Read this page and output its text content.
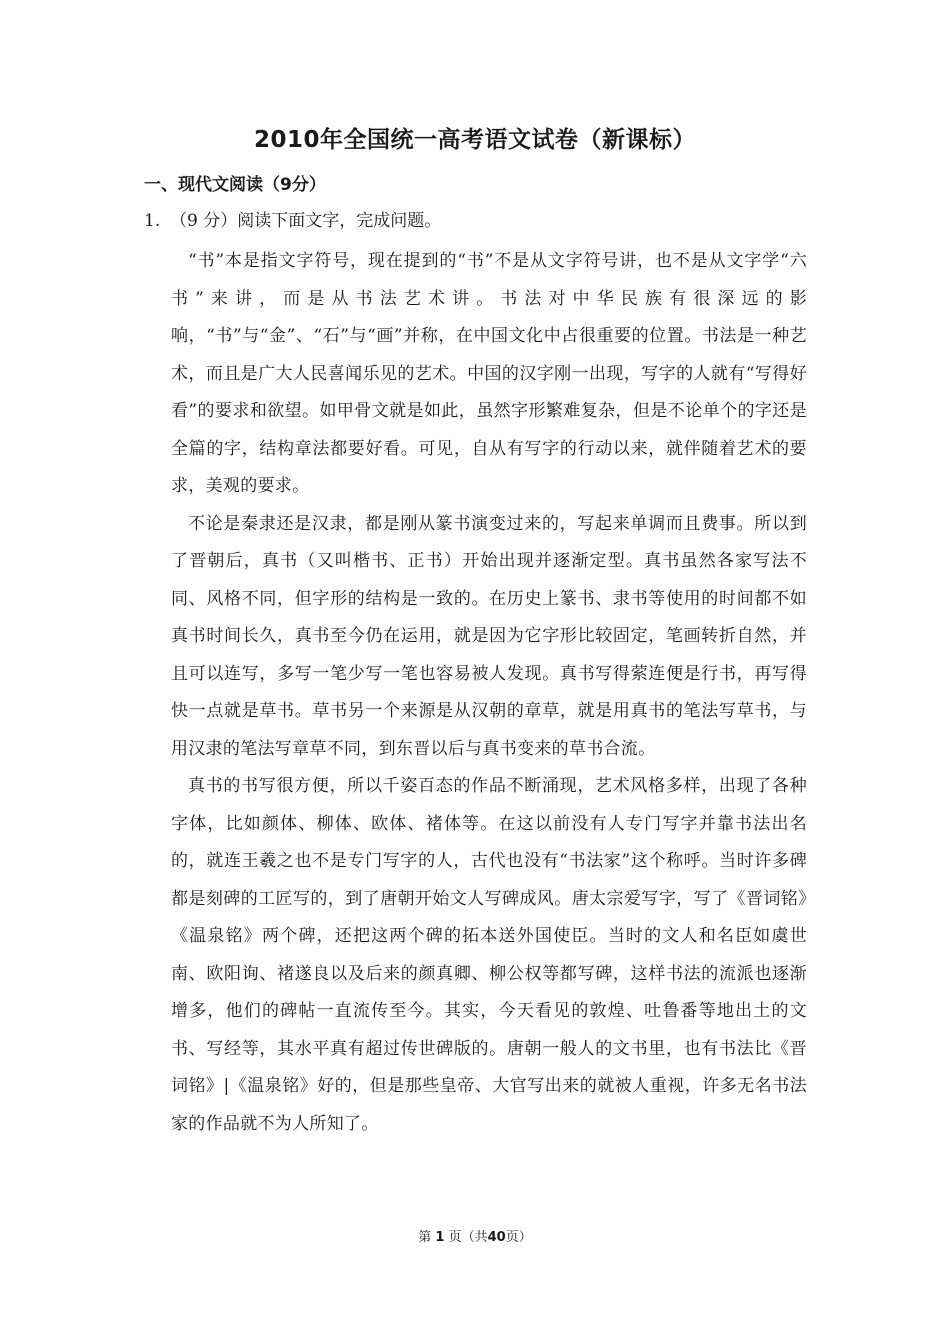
2010年全国统一高考语文试卷（新课标）
一、现代文阅读（9分）
1. （9 分）阅读下面文字，完成问题。

“书”本是指文字符号，现在提到的“书”不是从文字符号讲，也不是从文字学“六书”来讲，而是从书法艺术讲。书法对中华民族有很深远的影响，“书”与“金”、“石”与“画”并称，在中国文化中占很重要的位置。书法是一种艺术，而且是广大人民喜闻乐见的艺术。中国的汉字刚一出现，写字的人就有“写得好看”的要求和欲望。如甲骨文就是如此，虽然字形繁难复杂，但是不论单个的字还是全篇的字，结构章法都要好看。可见，自从有写字的行动以来，就伴随着艺术的要求，美观的要求。

不论是秦隶还是汉隶，都是刚从篆书演变过来的，写起来单调而且费事。所以到了晋朝后，真书（又叫楷书、正书）开始出现并逐渐定型。真书虽然各家写法不同、风格不同，但字形的结构是一致的。在历史上篆书、隶书等使用的时间都不如真书时间长久，真书至今仍在运用，就是因为它字形比较固定，笔画转折自然，并且可以连写，多写一笔少写一笔也容易被人发现。真书写得萦连便是行书，再写得快一点就是草书。草书另一个来源是从汉朝的章草，就是用真书的笔法写草书，与用汉隶的笔法写章草不同，到东晋以后与真书变来的草书合流。

真书的书写很方便，所以千姿百态的作品不断涌现，艺术风格多样，出现了各种字体，比如颜体、柳体、欧体、褚体等。在这以前没有人专门写字并靠书法出名的，就连王羲之也不是专门写字的人，古代也没有“书法家”这个称呼。当时许多碑都是刻碑的工匠写的，到了唐朝开始文人写碑成风。唐太宗爱写字，写了《晋词铭》《温泉铭》两个碑，还把这两个碑的拓本送外国使臣。当时的文人和名臣如虞世南、欧阳询、褚遂良以及后来的颜真卿、柳公权等都写碑，这样书法的流派也逐渐增多，他们的碑帖一直流传至今。其实，今天看见的敦煌、吐鲁番等地出土的文书、写经等，其水平真有超过传世碑版的。唐朝一般人的文书里，也有书法比《晋词铭》|《温泉铭》好的，但是那些皇帝、大官写出来的就被人重视，许多无名书法家的作品就不为人所知了。

第 1 页（共40页）
